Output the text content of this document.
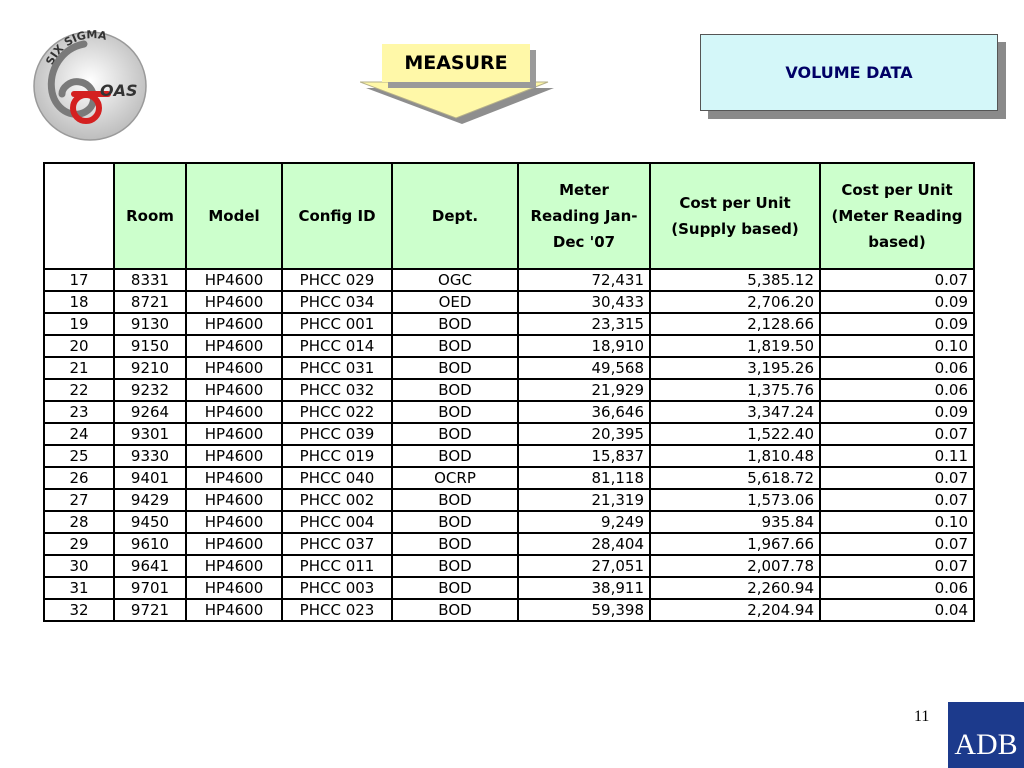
SIX SIGMA
OAS
MEASURE	VOLUME DATA
	Room	Model	Config ID	Dept.	Meter Reading Jan-Dec '07	Cost per Unit (Supply based)	Cost per Unit (Meter Reading based)
17	8331	HP4600	PHCC 029	OGC	72,431	5,385.12	0.07
18	8721	HP4600	PHCC 034	OED	30,433	2,706.20	0.09
19	9130	HP4600	PHCC 001	BOD	23,315	2,128.66	0.09
20	9150	HP4600	PHCC 014	BOD	18,910	1,819.50	0.10
21	9210	HP4600	PHCC 031	BOD	49,568	3,195.26	0.06
22	9232	HP4600	PHCC 032	BOD	21,929	1,375.76	0.06
23	9264	HP4600	PHCC 022	BOD	36,646	3,347.24	0.09
24	9301	HP4600	PHCC 039	BOD	20,395	1,522.40	0.07
25	9330	HP4600	PHCC 019	BOD	15,837	1,810.48	0.11
26	9401	HP4600	PHCC 040	OCRP	81,118	5,618.72	0.07
27	9429	HP4600	PHCC 002	BOD	21,319	1,573.06	0.07
28	9450	HP4600	PHCC 004	BOD	9,249	935.84	0.10
29	9610	HP4600	PHCC 037	BOD	28,404	1,967.66	0.07
30	9641	HP4600	PHCC 011	BOD	27,051	2,007.78	0.07
31	9701	HP4600	PHCC 003	BOD	38,911	2,260.94	0.06
32	9721	HP4600	PHCC 023	BOD	59,398	2,204.94	0.04
11
ADB
